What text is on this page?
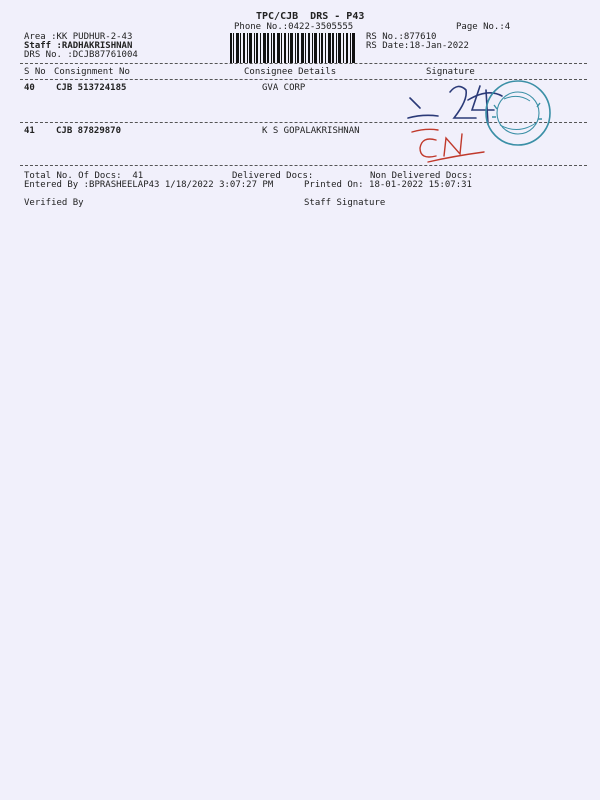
TPC/CJB  DRS - P43
Phone No.:0422-3505555	Page No.:4
Area :KK PUDHUR-2-43
Staff :RADHAKRISHNAN
DRS No. :DCJB87761004
RS No.:877610
RS Date:18-Jan-2022
S No Consignment No	Consignee Details	Signature
40 CJB 513724185	GVA CORP
41 CJB 87829870	K S GOPALAKRISHNAN
Total No. Of Docs:  41	Delivered Docs:	Non Delivered Docs:
Entered By :BPRASHEELAP43 1/18/2022 3:07:27 PM	Printed On: 18-01-2022 15:07:31
Verified By	Staff Signature
